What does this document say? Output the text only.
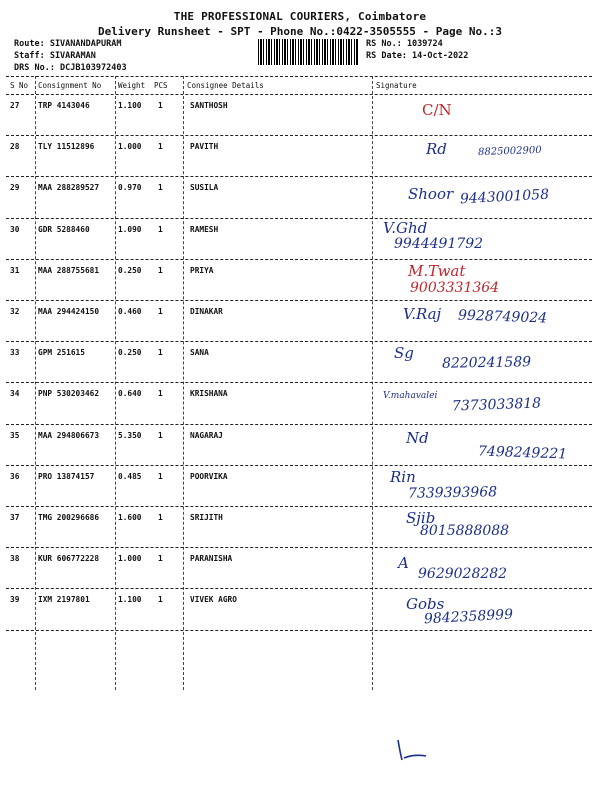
THE PROFESSIONAL COURIERS, Coimbatore
Delivery Runsheet - SPT - Phone No.:0422-3505555 - Page No.:3
Route: SIVANANDAPURAM
Staff: SIVARAMAN
DRS No.: DCJB103972403
RS No.: 1039724
RS Date: 14-Oct-2022
S No Consignment No Weight PCS	Consignee Details	Signature
27 TRP 4143046	1.100 1	SANTHOSH	C/N
28 TLY 11512896	1.000 1	PAVITH	Rd	8825002900
29 MAA 288289527 0.970 1	SUSILA	Shoor 9443001058
30 GDR 5288460	1.090 1	RAMESH	V.Ghd
9944491792
31 MAA 288755681 0.250 1	PRIYA	M.Twat
9003331364
32 MAA 294424150 0.460 1	DINAKAR	V.Raj 9928749024
33 GPM 251615	0.250 1	SANA	Sg
8220241589
34 PNP 530203462 0.640 1	KRISHANA	V.mahavalei 7373033818
35 MAA 294806673 5.350 1	NAGARAJ	Nd
7498249221
36 PRO 13874157	0.485 1	POORVIKA	Rin
7339393968
37 TMG 200296686 1.600 1	SRIJITH	Sjib
8015888088
38 KUR 606772228 1.000 1	PARANISHA	A
9629028282
39 IXM 2197801	1.100 1	VIVEK AGRO	Gobs
9842358999
